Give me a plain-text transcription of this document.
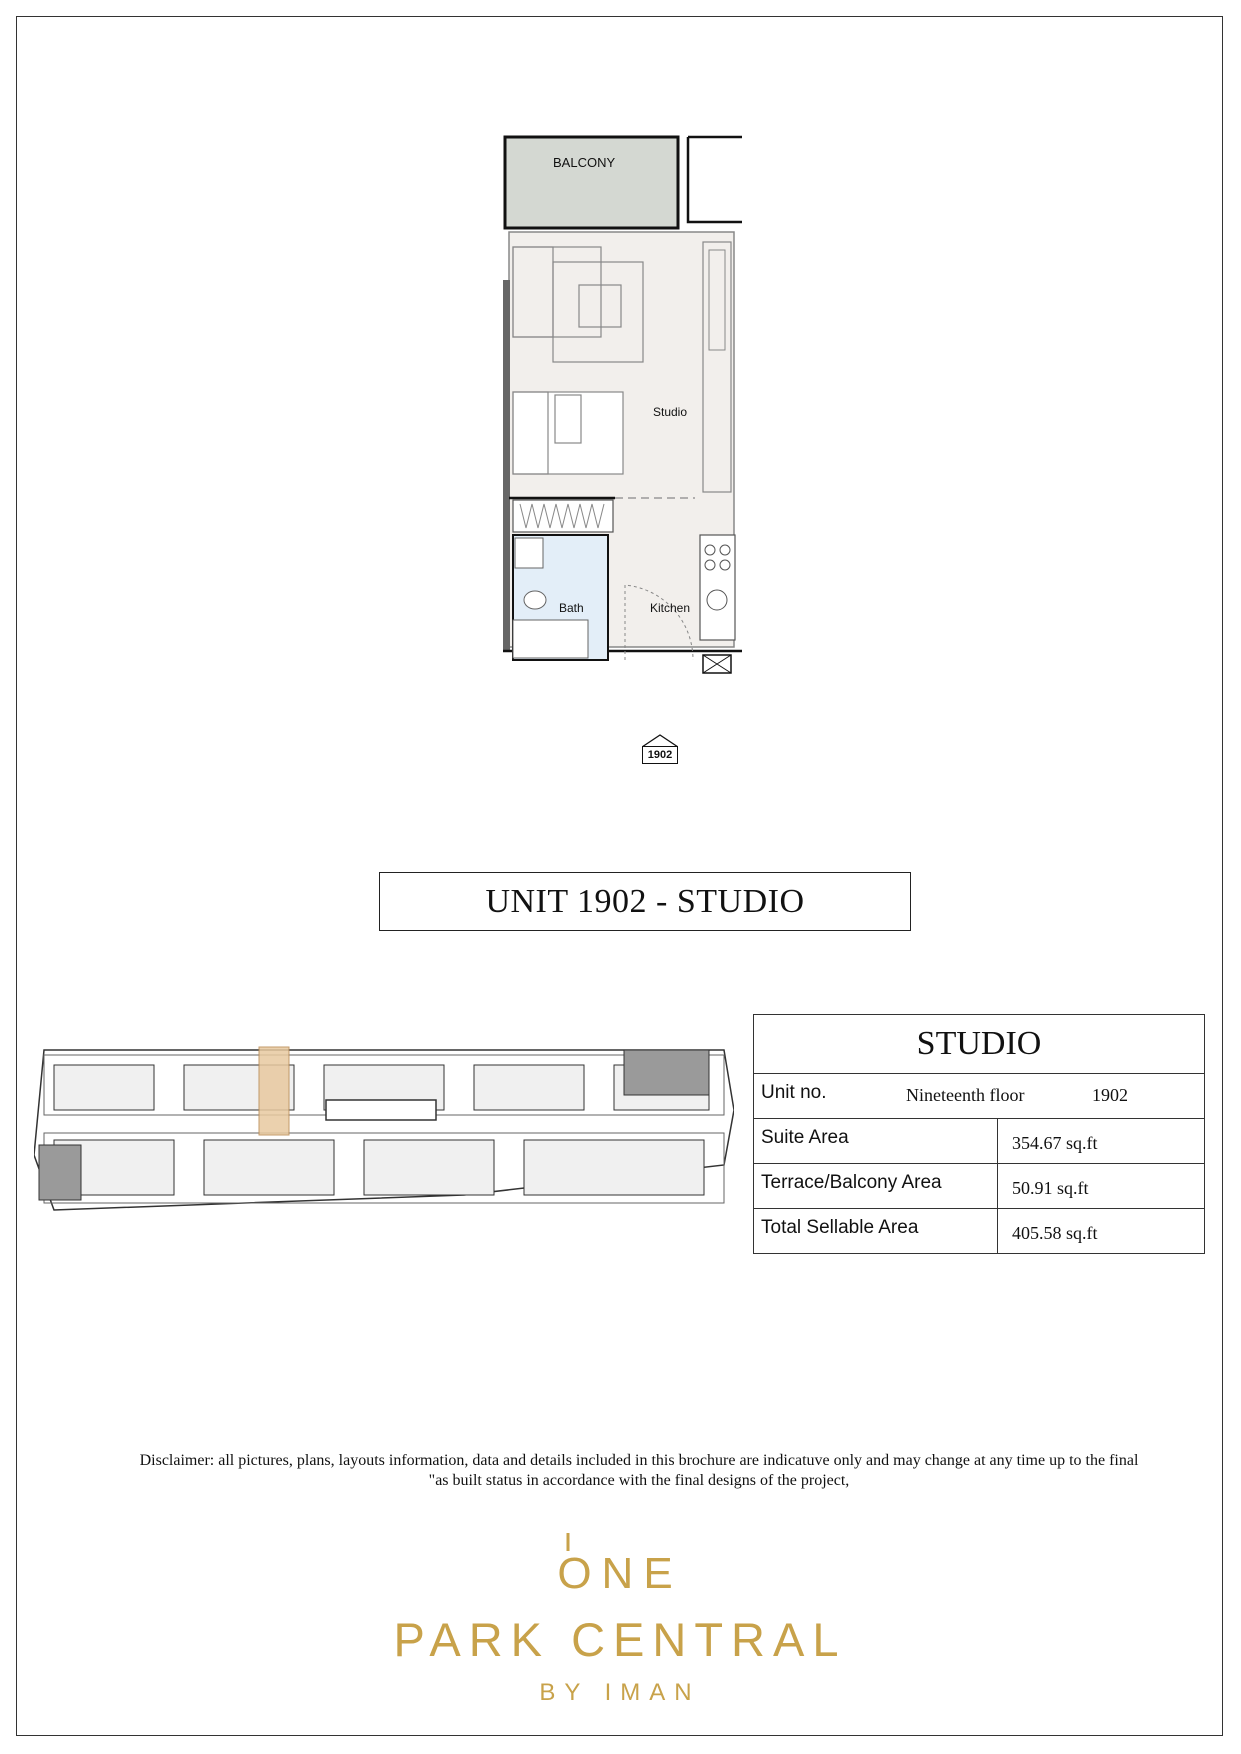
BALCONY
Studio
Bath	Kitchen
1902
UNIT 1902 - STUDIO
STUDIO
Unit no.	Nineteenth floor	1902
Suite Area	354.67 sq.ft
Terrace/Balcony Area	50.91 sq.ft
Total Sellable Area	405.58 sq.ft
Disclaimer: all pictures, plans, layouts information, data and details included in this brochure are indicatuve only and may change at any time up to the final
"as built status in accordance with the final designs of the project,
ONE
PARK CENTRAL
BY IMAN
